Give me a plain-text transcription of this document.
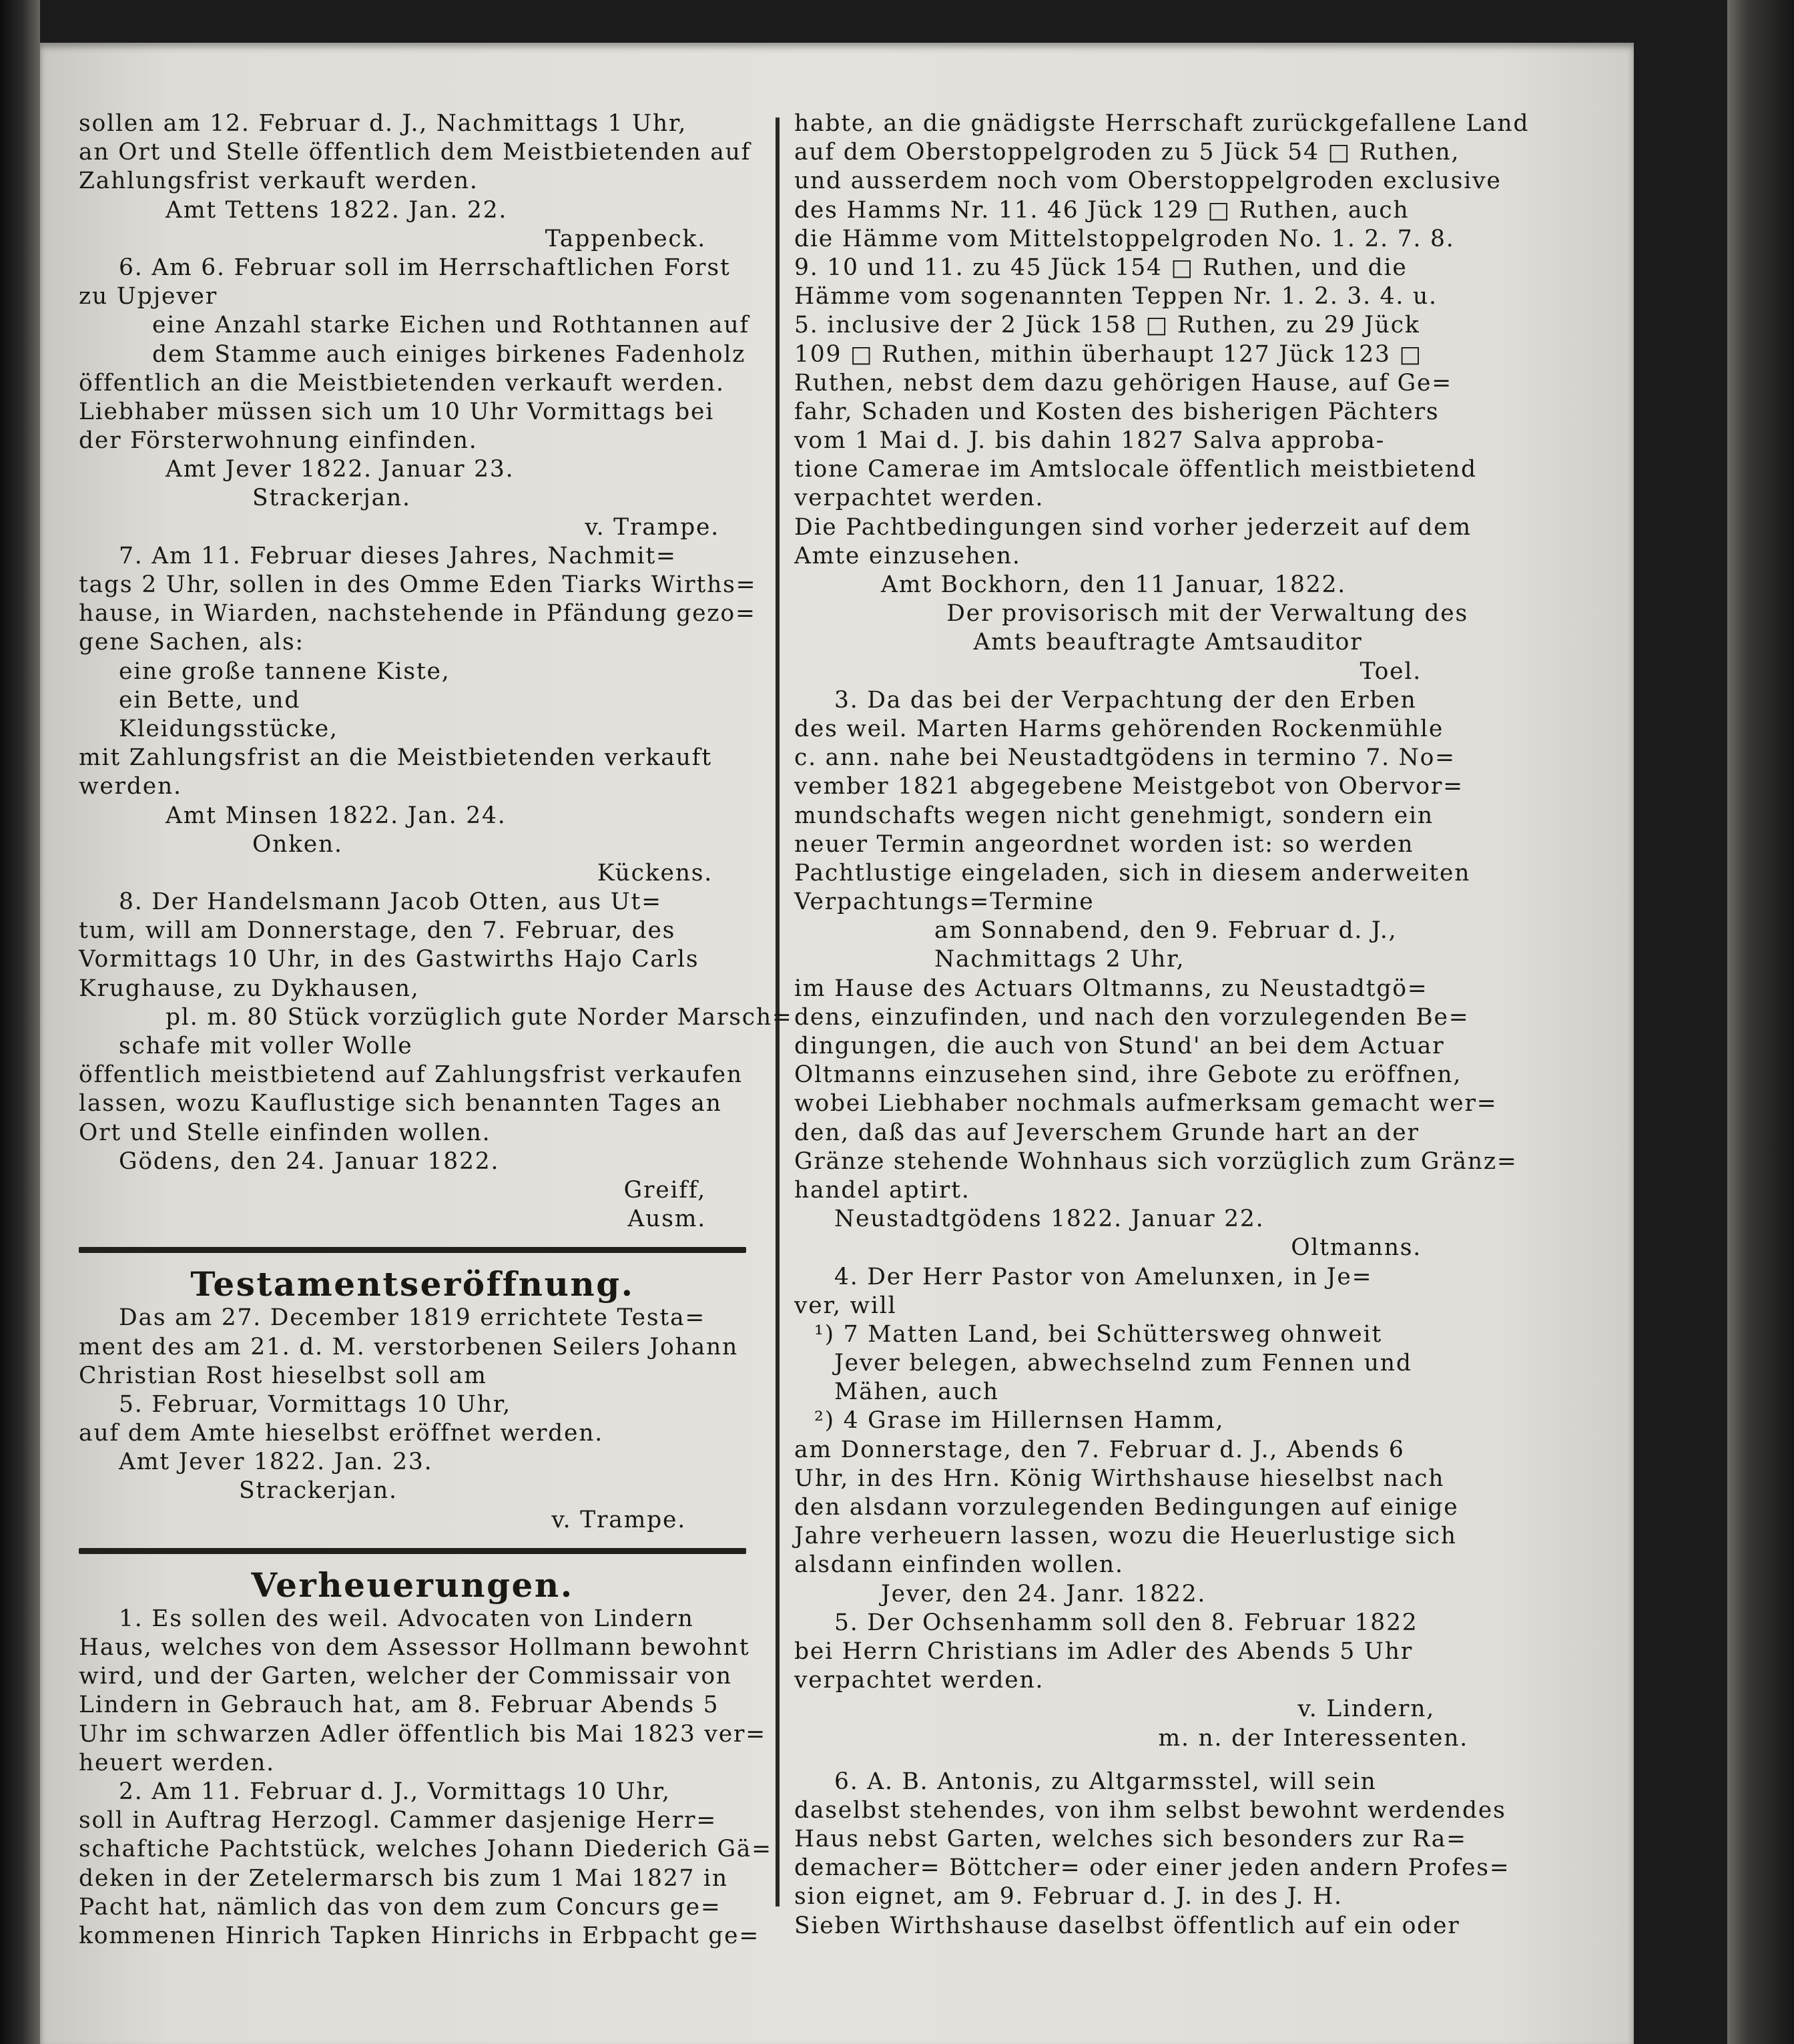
sollen am 12. Februar d. J., Nachmittags 1 Uhr,
an Ort und Stelle öffentlich dem Meistbietenden auf
Zahlungsfrist verkauft werden.
Amt Tettens 1822. Jan. 22.
Tappenbeck.
6. Am 6. Februar soll im Herrschaftlichen Forst
zu Upjever
eine Anzahl starke Eichen und Rothtannen auf
dem Stamme auch einiges birkenes Fadenholz
öffentlich an die Meistbietenden verkauft werden.
Liebhaber müssen sich um 10 Uhr Vormittags bei
der Försterwohnung einfinden.
Amt Jever 1822. Januar 23.
Strackerjan.
v. Trampe.
7. Am 11. Februar dieses Jahres, Nachmit=
tags 2 Uhr, sollen in des Omme Eden Tiarks Wirths=
hause, in Wiarden, nachstehende in Pfändung gezo=
gene Sachen, als:
eine große tannene Kiste,
ein Bette, und
Kleidungsstücke,
mit Zahlungsfrist an die Meistbietenden verkauft
werden.
Amt Minsen 1822. Jan. 24.
Onken.
Kückens.
8. Der Handelsmann Jacob Otten, aus Ut=
tum, will am Donnerstage, den 7. Februar, des
Vormittags 10 Uhr, in des Gastwirths Hajo Carls
Krughause, zu Dykhausen,
pl. m. 80 Stück vorzüglich gute Norder Marsch=
schafe mit voller Wolle
öffentlich meistbietend auf Zahlungsfrist verkaufen
lassen, wozu Kauflustige sich benannten Tages an
Ort und Stelle einfinden wollen.
Gödens, den 24. Januar 1822.
Greiff,
Ausm.
Testamentseröffnung.
Das am 27. December 1819 errichtete Testa=
ment des am 21. d. M. verstorbenen Seilers Johann
Christian Rost hieselbst soll am
5. Februar, Vormittags 10 Uhr,
auf dem Amte hieselbst eröffnet werden.
Amt Jever 1822. Jan. 23.
Strackerjan.
v. Trampe.
Verheuerungen.
1. Es sollen des weil. Advocaten von Lindern
Haus, welches von dem Assessor Hollmann bewohnt
wird, und der Garten, welcher der Commissair von
Lindern in Gebrauch hat, am 8. Februar Abends 5
Uhr im schwarzen Adler öffentlich bis Mai 1823 ver=
heuert werden.
2. Am 11. Februar d. J., Vormittags 10 Uhr,
soll in Auftrag Herzogl. Cammer dasjenige Herr=
schaftiche Pachtstück, welches Johann Diederich Gä=
deken in der Zetelermarsch bis zum 1 Mai 1827 in
Pacht hat, nämlich das von dem zum Concurs ge=
kommenen Hinrich Tapken Hinrichs in Erbpacht ge=
habte, an die gnädigste Herrschaft zurückgefallene Land
auf dem Oberstoppelgroden zu 5 Jück 54 □ Ruthen,
und ausserdem noch vom Oberstoppelgroden exclusive
des Hamms Nr. 11. 46 Jück 129 □ Ruthen, auch
die Hämme vom Mittelstoppelgroden No. 1. 2. 7. 8.
9. 10 und 11. zu 45 Jück 154 □ Ruthen, und die
Hämme vom sogenannten Teppen Nr. 1. 2. 3. 4. u.
5. inclusive der 2 Jück 158 □ Ruthen, zu 29 Jück
109 □ Ruthen, mithin überhaupt 127 Jück 123 □
Ruthen, nebst dem dazu gehörigen Hause, auf Ge=
fahr, Schaden und Kosten des bisherigen Pächters
vom 1 Mai d. J. bis dahin 1827 Salva approba-
tione Camerae im Amtslocale öffentlich meistbietend
verpachtet werden.
Die Pachtbedingungen sind vorher jederzeit auf dem
Amte einzusehen.
Amt Bockhorn, den 11 Januar, 1822.
Der provisorisch mit der Verwaltung des
Amts beauftragte Amtsauditor
Toel.
3. Da das bei der Verpachtung der den Erben
des weil. Marten Harms gehörenden Rockenmühle
c. ann. nahe bei Neustadtgödens in termino 7. No=
vember 1821 abgegebene Meistgebot von Obervor=
mundschafts wegen nicht genehmigt, sondern ein
neuer Termin angeordnet worden ist: so werden
Pachtlustige eingeladen, sich in diesem anderweiten
Verpachtungs=Termine
am Sonnabend, den 9. Februar d. J.,
Nachmittags 2 Uhr,
im Hause des Actuars Oltmanns, zu Neustadtgö=
dens, einzufinden, und nach den vorzulegenden Be=
dingungen, die auch von Stund' an bei dem Actuar
Oltmanns einzusehen sind, ihre Gebote zu eröffnen,
wobei Liebhaber nochmals aufmerksam gemacht wer=
den, daß das auf Jeverschem Grunde hart an der
Gränze stehende Wohnhaus sich vorzüglich zum Gränz=
handel aptirt.
Neustadtgödens 1822. Januar 22.
Oltmanns.
4. Der Herr Pastor von Amelunxen, in Je=
ver, will
¹) 7 Matten Land, bei Schüttersweg ohnweit
Jever belegen, abwechselnd zum Fennen und
Mähen, auch
²) 4 Grase im Hillernsen Hamm,
am Donnerstage, den 7. Februar d. J., Abends 6
Uhr, in des Hrn. König Wirthshause hieselbst nach
den alsdann vorzulegenden Bedingungen auf einige
Jahre verheuern lassen, wozu die Heuerlustige sich
alsdann einfinden wollen.
Jever, den 24. Janr. 1822.
5. Der Ochsenhamm soll den 8. Februar 1822
bei Herrn Christians im Adler des Abends 5 Uhr
verpachtet werden.
v. Lindern,
m. n. der Interessenten.
6. A. B. Antonis, zu Altgarmsstel, will sein
daselbst stehendes, von ihm selbst bewohnt werdendes
Haus nebst Garten, welches sich besonders zur Ra=
demacher= Böttcher= oder einer jeden andern Profes=
sion eignet, am 9. Februar d. J. in des J. H.
Sieben Wirthshause daselbst öffentlich auf ein oder
